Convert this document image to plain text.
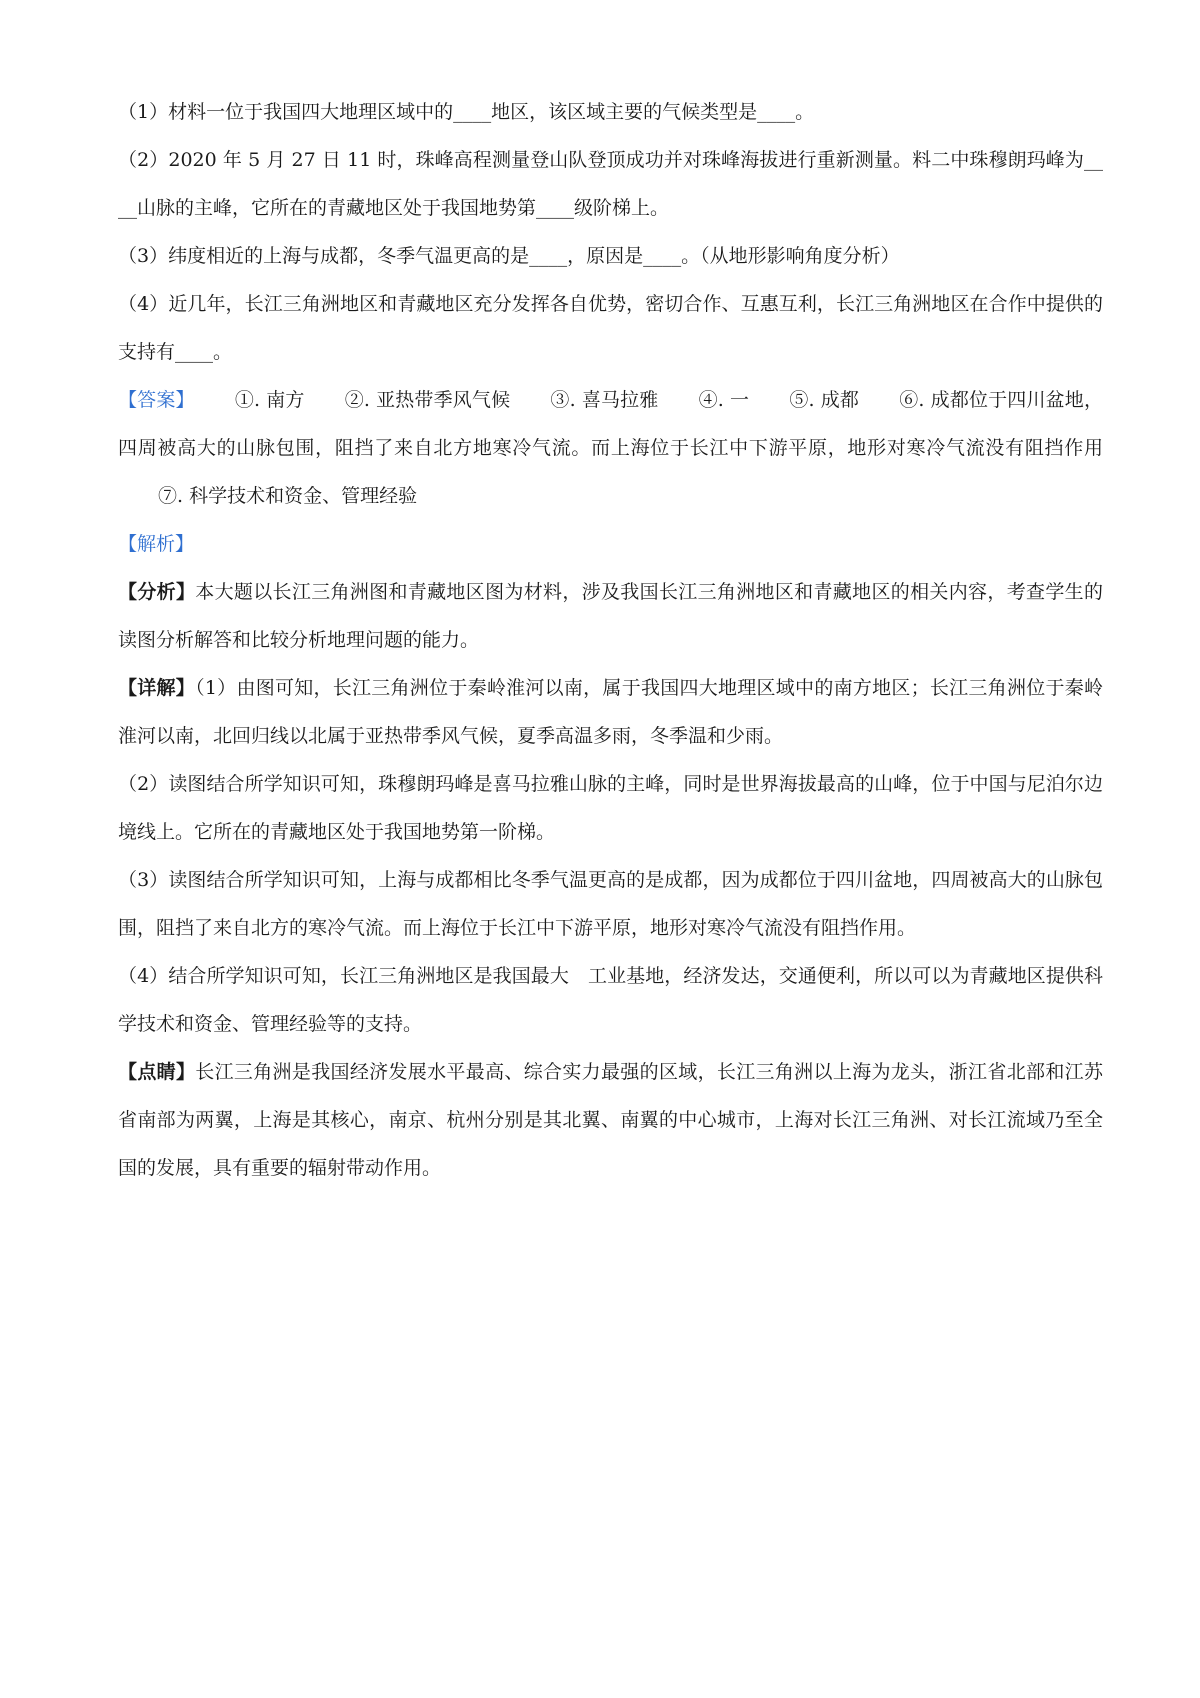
（1）材料一位于我国四大地理区域中的____地区，该区域主要的气候类型是____。

（2）2020 年 5 月 27 日 11 时，珠峰高程测量登山队登顶成功并对珠峰海拔进行重新测量。料二中珠穆朗玛峰为____山脉的主峰，它所在的青藏地区处于我国地势第____级阶梯上。

（3）纬度相近的上海与成都，冬季气温更高的是____，原因是____。（从地形影响角度分析）

（4）近几年，长江三角洲地区和青藏地区充分发挥各自优势，密切合作、互惠互利，长江三角洲地区在合作中提供的支持有____。

【答案】 ①. 南方 ②. 亚热带季风气候 ③. 喜马拉雅 ④. 一 ⑤. 成都 ⑥. 成都位于四川盆地，四周被高大的山脉包围，阻挡了来自北方地寒冷气流。而上海位于长江中下游平原，地形对寒冷气流没有阻挡作用⑦. 科学技术和资金、管理经验

【解析】

【分析】本大题以长江三角洲图和青藏地区图为材料，涉及我国长江三角洲地区和青藏地区的相关内容，考查学生的读图分析解答和比较分析地理问题的能力。

【详解】（1）由图可知，长江三角洲位于秦岭淮河以南，属于我国四大地理区域中的南方地区；长江三角洲位于秦岭淮河以南，北回归线以北属于亚热带季风气候，夏季高温多雨，冬季温和少雨。

（2）读图结合所学知识可知，珠穆朗玛峰是喜马拉雅山脉的主峰，同时是世界海拔最高的山峰，位于中国与尼泊尔边境线上。它所在的青藏地区处于我国地势第一阶梯。

（3）读图结合所学知识可知，上海与成都相比冬季气温更高的是成都，因为成都位于四川盆地，四周被高大的山脉包围，阻挡了来自北方的寒冷气流。而上海位于长江中下游平原，地形对寒冷气流没有阻挡作用。

（4）结合所学知识可知，长江三角洲地区是我国最大　工业基地，经济发达，交通便利，所以可以为青藏地区提供科学技术和资金、管理经验等的支持。

【点睛】长江三角洲是我国经济发展水平最高、综合实力最强的区域，长江三角洲以上海为龙头，浙江省北部和江苏省南部为两翼，上海是其核心，南京、杭州分别是其北翼、南翼的中心城市，上海对长江三角洲、对长江流域乃至全国的发展，具有重要的辐射带动作用。
